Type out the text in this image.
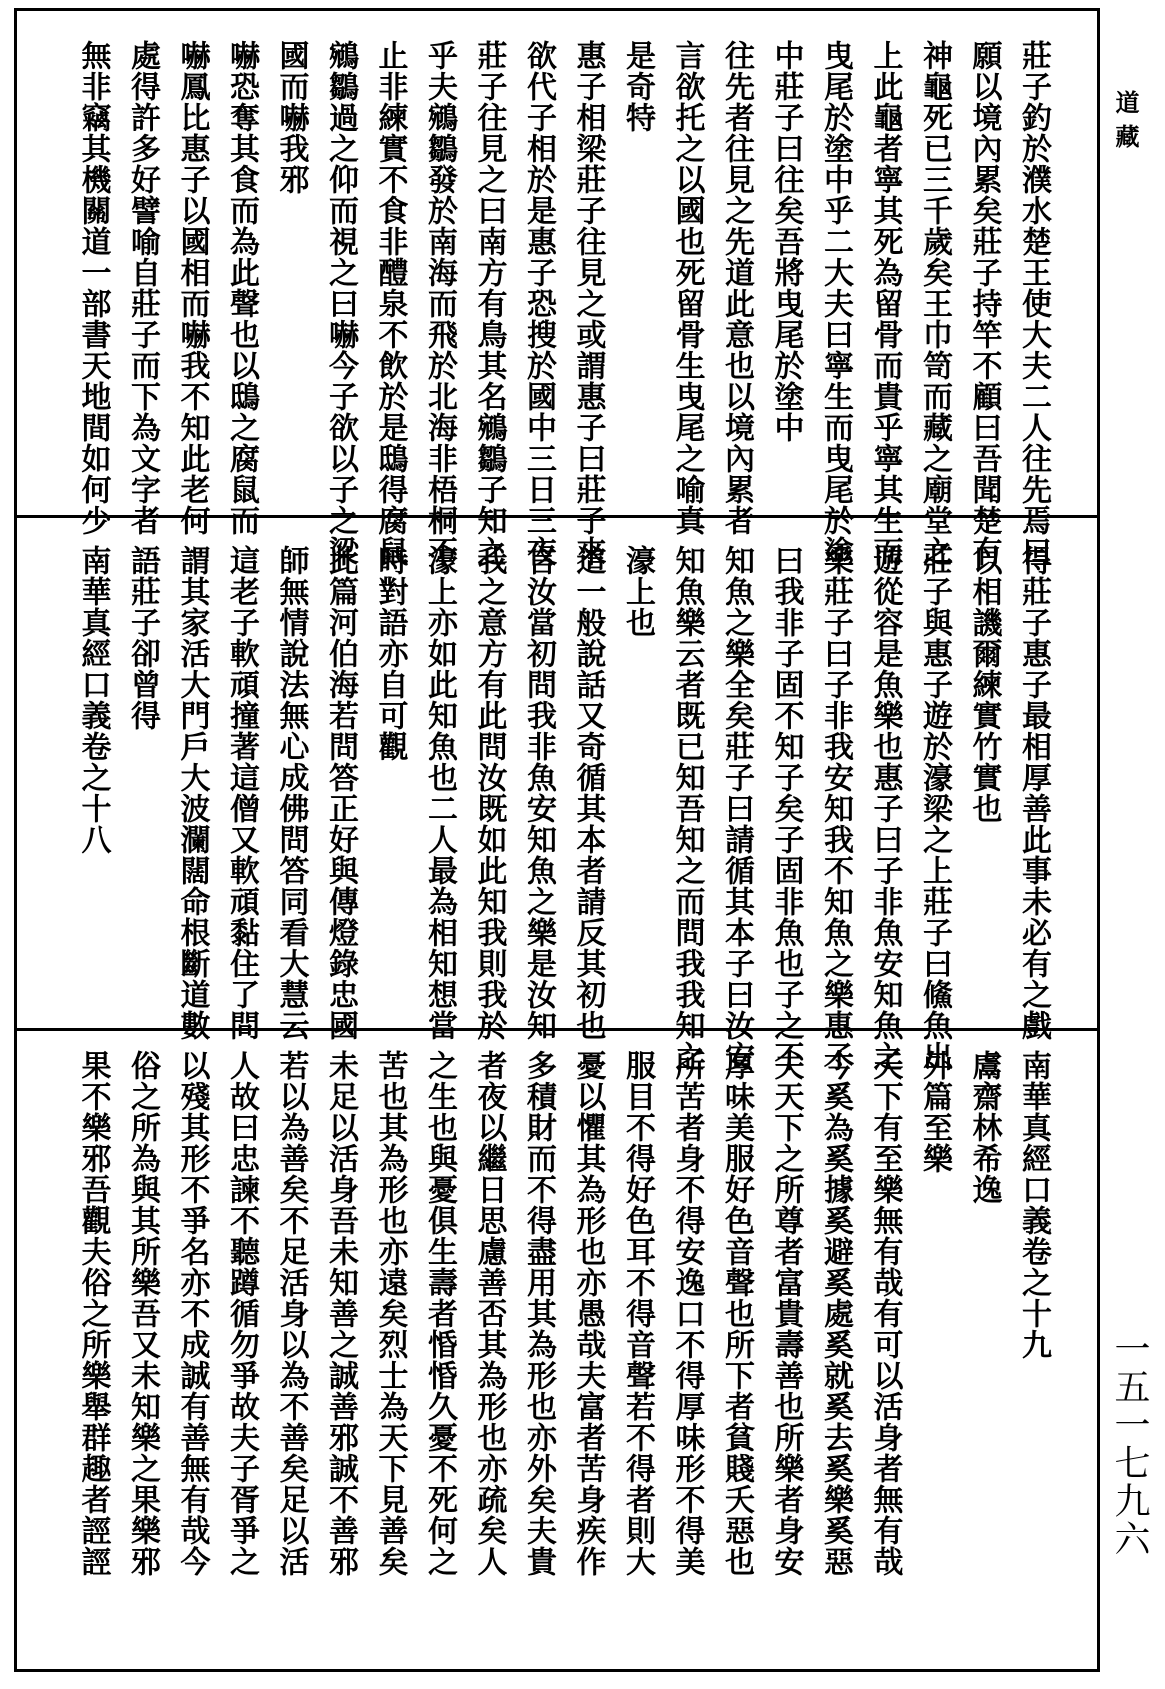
道藏
一五一七九六
莊子釣於濮水楚王使大夫二人往先焉曰
願以境內累矣莊子持竿不顧曰吾聞楚有
神龜死已三千歲矣王巾笥而藏之廟堂之
上此龜者寧其死為留骨而貴乎寧其生而
曳尾於塗中乎二大夫曰寧生而曳尾於塗
中莊子曰往矣吾將曳尾於塗中
往先者往見之先道此意也以境內累者
言欲托之以國也死留骨生曳尾之喻真
是奇特
惠子相梁莊子往見之或謂惠子曰莊子來
欲代子相於是惠子恐搜於國中三日三夜
莊子往見之曰南方有鳥其名鵷鶵子知之
乎夫鵷鶵發於南海而飛於北海非梧桐不
止非練實不食非醴泉不飲於是鴟得腐鼠
鵷鶵過之仰而視之曰嚇今子欲以子之梁
國而嚇我邪
嚇恐奪其食而為此聲也以鴟之腐鼠而
嚇鳳比惠子以國相而嚇我不知此老何
處得許多好譬喻自莊子而下為文字者
無非竊其機關道一部書天地間如何少
得莊子惠子最相厚善此事未必有之戲
以相譏爾練實竹實也
莊子與惠子遊於濠梁之上莊子曰鯈魚出
遊從容是魚樂也惠子曰子非魚安知魚之
樂莊子曰子非我安知我不知魚之樂惠子
曰我非子固不知子矣子固非魚也子之不
知魚之樂全矣莊子曰請循其本子曰汝安
知魚樂云者既已知吾知之而問我我知之
濠上也
這一般說話又奇循其本者請反其初也
言汝當初問我非魚安知魚之樂是汝知
我之意方有此問汝既如此知我則我於
濠上亦如此知魚也二人最為相知想當
時對語亦自可觀
此篇河伯海若問答正好與傳燈錄忠國
師無情說法無心成佛問答同看大慧云
這老子軟頑撞著這僧又軟頑黏住了問
謂其家活大門戶大波瀾闊命根斷道數
語莊子卻曾得
南華真經口義卷之十八
南華真經口義卷之十九
鬳齋林希逸
外篇至樂
天下有至樂無有哉有可以活身者無有哉
今奚為奚據奚避奚處奚就奚去奚樂奚惡
夫天下之所尊者富貴壽善也所樂者身安
厚味美服好色音聲也所下者貧賤夭惡也
所苦者身不得安逸口不得厚味形不得美
服目不得好色耳不得音聲若不得者則大
憂以懼其為形也亦愚哉夫富者苦身疾作
多積財而不得盡用其為形也亦外矣夫貴
者夜以繼日思慮善否其為形也亦疏矣人
之生也與憂俱生壽者惛惛久憂不死何之
苦也其為形也亦遠矣烈士為天下見善矣
未足以活身吾未知善之誠善邪誠不善邪
若以為善矣不足活身以為不善矣足以活
人故曰忠諫不聽蹲循勿爭故夫子胥爭之
以殘其形不爭名亦不成誠有善無有哉今
俗之所為與其所樂吾又未知樂之果樂邪
果不樂邪吾觀夫俗之所樂舉群趣者誙誙
